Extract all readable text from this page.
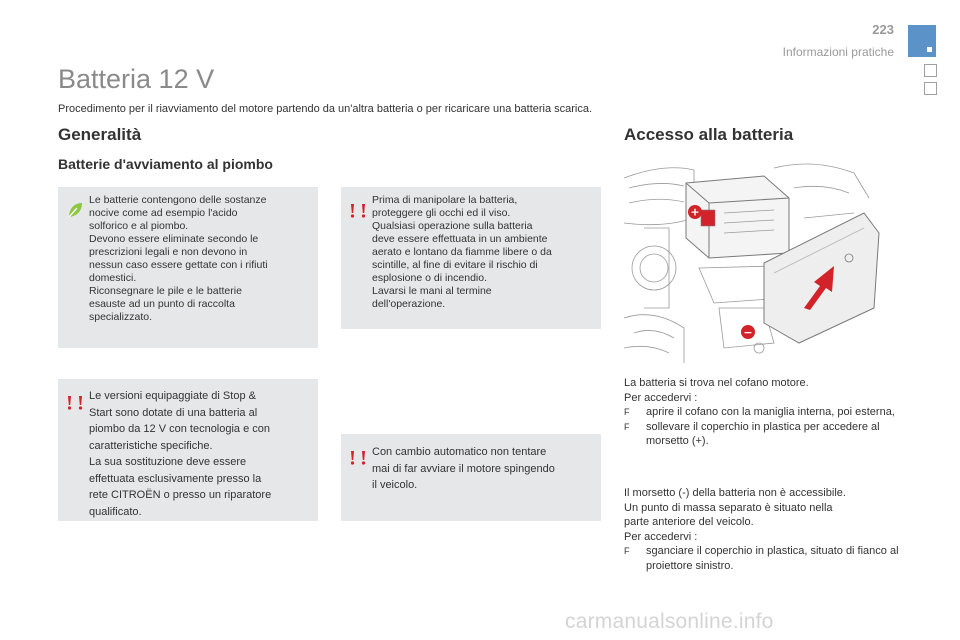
223
Informazioni pratiche
Batteria 12 V
Procedimento per il riavviamento del motore partendo da un'altra batteria o per ricaricare una batteria scarica.
Generalità
Batterie d'avviamento al piombo
Accesso alla batteria
Le batterie contengono delle sostanze
nocive come ad esempio l'acido
solforico e al piombo.
Devono essere eliminate secondo le
prescrizioni legali e non devono in
nessun caso essere gettate con i rifiuti
domestici.
Riconsegnare le pile e le batterie
esauste ad un punto di raccolta
specializzato.
Prima di manipolare la batteria,
proteggere gli occhi ed il viso.
Qualsiasi operazione sulla batteria
deve essere effettuata in un ambiente
aerato e lontano da fiamme libere o da
scintille, al fine di evitare il rischio di
esplosione o di incendio.
Lavarsi le mani al termine
dell'operazione.
Le versioni equipaggiate di Stop &
Start sono dotate di una batteria al
piombo da 12 V con tecnologia e con
caratteristiche specifiche.
La sua sostituzione deve essere
effettuata esclusivamente presso la
rete CITROËN o presso un riparatore
qualificato.
Con cambio automatico non tentare
mai di far avviare il motore spingendo
il veicolo.
+
−
La batteria si trova nel cofano motore.
Per accedervi :
F aprire il cofano con la maniglia interna, poi esterna,
F sollevare il coperchio in plastica per accedere al morsetto (+).
Il morsetto (-) della batteria non è accessibile.
Un punto di massa separato è situato nella
parte anteriore del veicolo.
Per accedervi :
F sganciare il coperchio in plastica, situato di fianco al proiettore sinistro.
carmanualsonline.info
